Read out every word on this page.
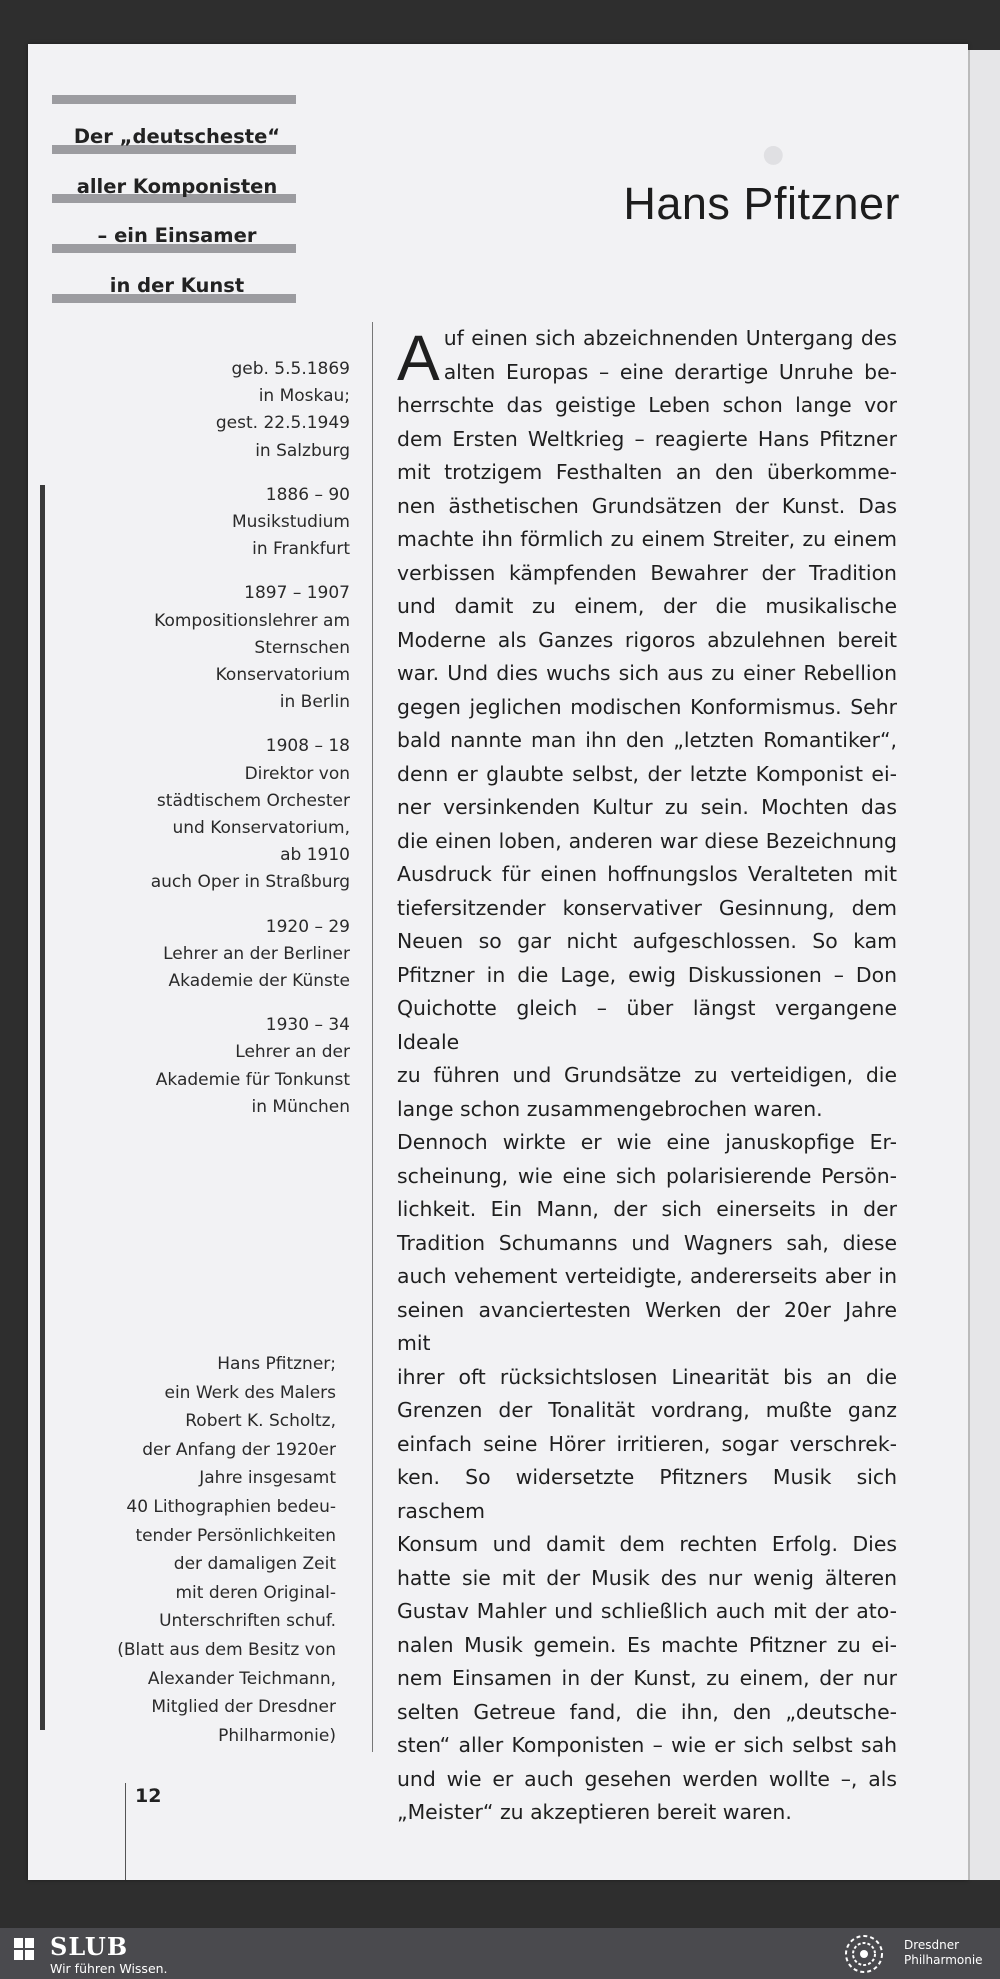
●
Der „deutscheste“
aller Komponisten
– ein Einsamer
in der Kunst
Hans Pfitzner
geb. 5.5.1869
in Moskau;
gest. 22.5.1949
in Salzburg
1886 – 90
Musikstudium
in Frankfurt
1897 – 1907
Kompositionslehrer am
Sternschen
Konservatorium
in Berlin
1908 – 18
Direktor von
städtischem Orchester
und Konservatorium,
ab 1910
auch Oper in Straßburg
1920 – 29
Lehrer an der Berliner
Akademie der Künste
1930 – 34
Lehrer an der
Akademie für Tonkunst
in München
Hans Pfitzner;
ein Werk des Malers
Robert K. Scholtz,
der Anfang der 1920er
Jahre insgesamt
40 Lithographien bedeu-
tender Persönlichkeiten
der damaligen Zeit
mit deren Original-
Unterschriften schuf.
(Blatt aus dem Besitz von
Alexander Teichmann,
Mitglied der Dresdner
Philharmonie)
A uf einen sich abzeichnenden Untergang des
alten Europas – eine derartige Unruhe be-
herrschte das geistige Leben schon lange vor
dem Ersten Weltkrieg – reagierte Hans Pfitzner
mit trotzigem Festhalten an den überkomme-
nen ästhetischen Grundsätzen der Kunst. Das
machte ihn förmlich zu einem Streiter, zu einem
verbissen kämpfenden Bewahrer der Tradition
und damit zu einem, der die musikalische
Moderne als Ganzes rigoros abzulehnen bereit
war. Und dies wuchs sich aus zu einer Rebellion
gegen jeglichen modischen Konformismus. Sehr
bald nannte man ihn den „letzten Romantiker“,
denn er glaubte selbst, der letzte Komponist ei-
ner versinkenden Kultur zu sein. Mochten das
die einen loben, anderen war diese Bezeichnung
Ausdruck für einen hoffnungslos Veralteten mit
tiefersitzender konservativer Gesinnung, dem
Neuen so gar nicht aufgeschlossen. So kam
Pfitzner in die Lage, ewig Diskussionen – Don
Quichotte gleich – über längst vergangene Ideale
zu führen und Grundsätze zu verteidigen, die
lange schon zusammengebrochen waren.
Dennoch wirkte er wie eine januskopfige Er-
scheinung, wie eine sich polarisierende Persön-
lichkeit. Ein Mann, der sich einerseits in der
Tradition Schumanns und Wagners sah, diese
auch vehement verteidigte, andererseits aber in
seinen avanciertesten Werken der 20er Jahre mit
ihrer oft rücksichtslosen Linearität bis an die
Grenzen der Tonalität vordrang, mußte ganz
einfach seine Hörer irritieren, sogar verschrek-
ken. So widersetzte Pfitzners Musik sich raschem
Konsum und damit dem rechten Erfolg. Dies
hatte sie mit der Musik des nur wenig älteren
Gustav Mahler und schließlich auch mit der ato-
nalen Musik gemein. Es machte Pfitzner zu ei-
nem Einsamen in der Kunst, zu einem, der nur
selten Getreue fand, die ihn, den „deutsche-
sten“ aller Komponisten – wie er sich selbst sah
und wie er auch gesehen werden wollte –, als
„Meister“ zu akzeptieren bereit waren.
12
SLUB
Wir führen Wissen.
Dresdner
Philharmonie
